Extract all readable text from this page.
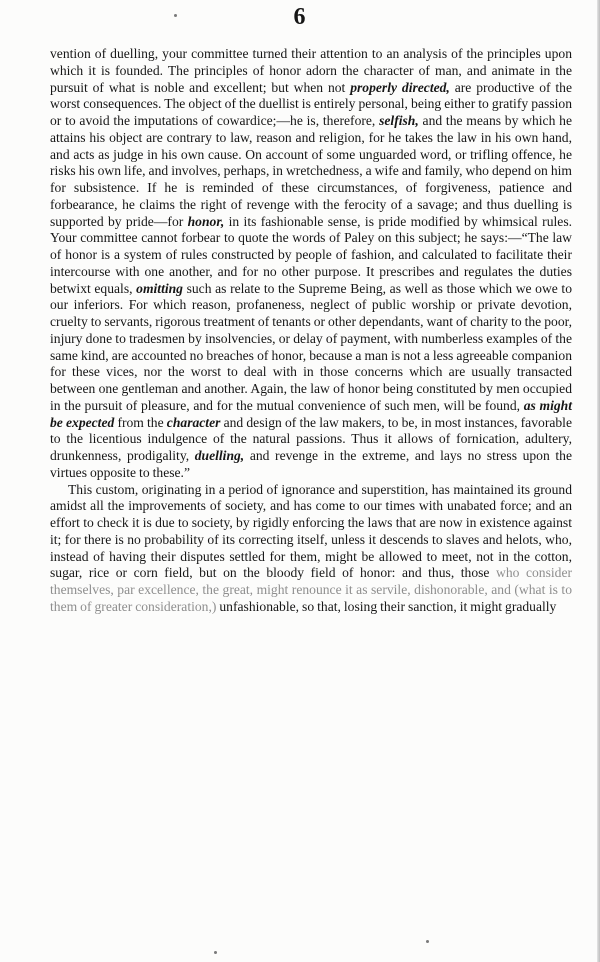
6

vention of duelling, your committee turned their attention to an analysis of the principles upon which it is founded. The principles of honor adorn the character of man, and animate in the pursuit of what is noble and excellent; but when not properly directed, are productive of the worst consequences. The object of the duellist is entirely personal, being either to gratify passion or to avoid the imputations of cowardice;—he is, therefore, selfish, and the means by which he attains his object are contrary to law, reason and religion, for he takes the law in his own hand, and acts as judge in his own cause. On account of some unguarded word, or trifling offence, he risks his own life, and involves, perhaps, in wretchedness, a wife and family, who depend on him for subsistence. If he is reminded of these circumstances, of forgiveness, patience and forbearance, he claims the right of revenge with the ferocity of a savage; and thus duelling is supported by pride—for honor, in its fashionable sense, is pride modified by whimsical rules. Your committee cannot forbear to quote the words of Paley on this subject; he says:—“The law of honor is a system of rules constructed by people of fashion, and calculated to facilitate their intercourse with one another, and for no other purpose. It prescribes and regulates the duties betwixt equals, omitting such as relate to the Supreme Being, as well as those which we owe to our inferiors. For which reason, profaneness, neglect of public worship or private devotion, cruelty to servants, rigorous treatment of tenants or other dependants, want of charity to the poor, injury done to tradesmen by insolvencies, or delay of payment, with numberless examples of the same kind, are accounted no breaches of honor, because a man is not a less agreeable companion for these vices, nor the worst to deal with in those concerns which are usually transacted between one gentleman and another. Again, the law of honor being constituted by men occupied in the pursuit of pleasure, and for the mutual convenience of such men, will be found, as might be expected from the character and design of the law makers, to be, in most instances, favorable to the licentious indulgence of the natural passions. Thus it allows of fornication, adultery, drunkenness, prodigality, duelling, and revenge in the extreme, and lays no stress upon the virtues opposite to these.”

This custom, originating in a period of ignorance and superstition, has maintained its ground amidst all the improvements of society, and has come to our times with unabated force; and an effort to check it is due to society, by rigidly enforcing the laws that are now in existence against it; for there is no probability of its correcting itself, unless it descends to slaves and helots, who, instead of having their disputes settled for them, might be allowed to meet, not in the cotton, sugar, rice or corn field, but on the bloody field of honor: and thus, those who consider themselves, par excellence, the great, might renounce it as servile, dishonorable, and (what is to them of greater consideration,) unfashionable, so that, losing their sanction, it might gradually
